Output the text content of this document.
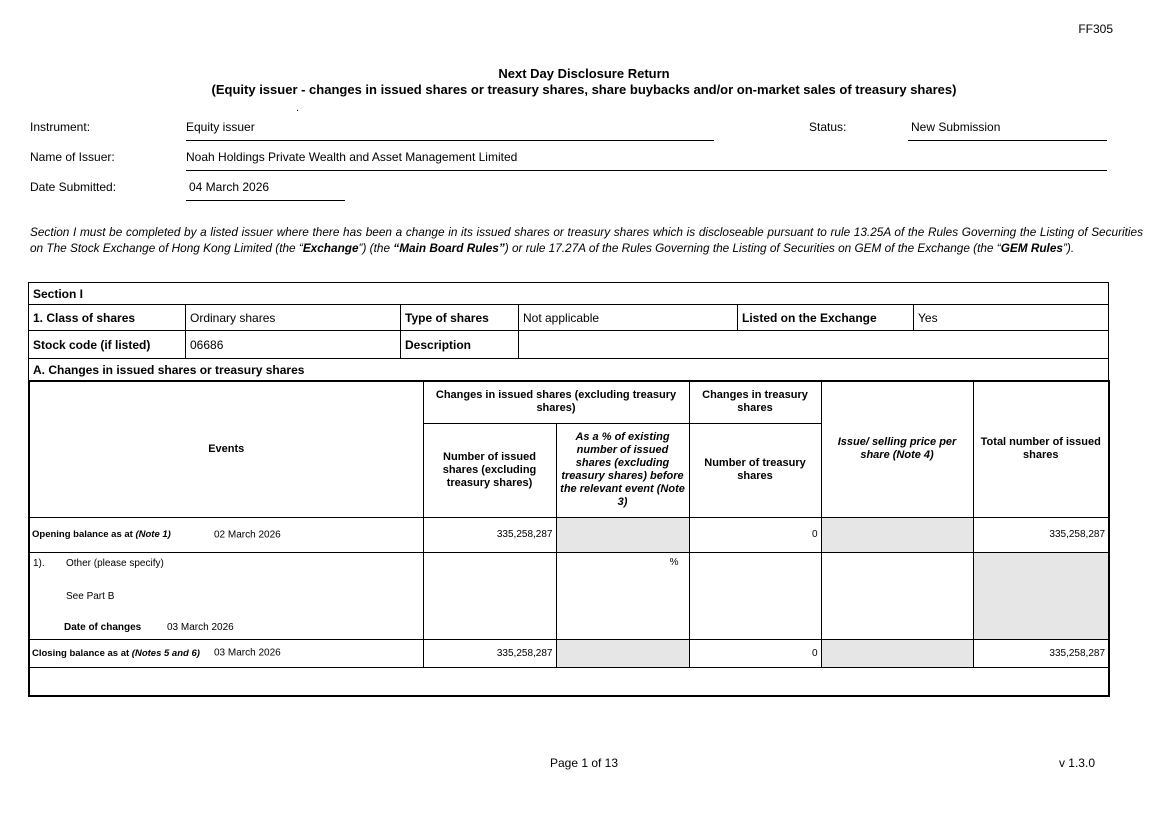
FF305
Next Day Disclosure Return
(Equity issuer - changes in issued shares or treasury shares, share buybacks and/or on-market sales of treasury shares)
.
Instrument:	Equity issuer	Status:	New Submission
Name of Issuer:	Noah Holdings Private Wealth and Asset Management Limited
Date Submitted:	04 March 2026
Section I must be completed by a listed issuer where there has been a change in its issued shares or treasury shares which is discloseable pursuant to rule 13.25A of the Rules Governing the Listing of Securities on The Stock Exchange of Hong Kong Limited (the “Exchange”) (the “Main Board Rules”) or rule 17.27A of the Rules Governing the Listing of Securities on GEM of the Exchange (the “GEM Rules”).
Section I					
1. Class of shares	Ordinary shares	Type of shares	Not applicable	Listed on the Exchange	Yes
Stock code (if listed)	06686	Description			
A. Changes in issued shares or treasury shares					
Events	Changes in issued shares (excluding treasury shares)		Changes in treasury shares	Issue/ selling price per share (Note 4)	Total number of issued shares
	Number of issued shares (excluding treasury shares)	As a % of existing number of issued shares (excluding treasury shares) before the relevant event (Note 3)	Number of treasury shares		
Opening balance as at (Note 1) 02 March 2026	335,258,287		0		335,258,287

1). Other (please specify)
See Part B
Date of changes 03 March 2026		%			
Closing balance as at (Notes 5 and 6) 03 March 2026	335,258,287		0		335,258,287

Page 1 of 13	v 1.3.0
